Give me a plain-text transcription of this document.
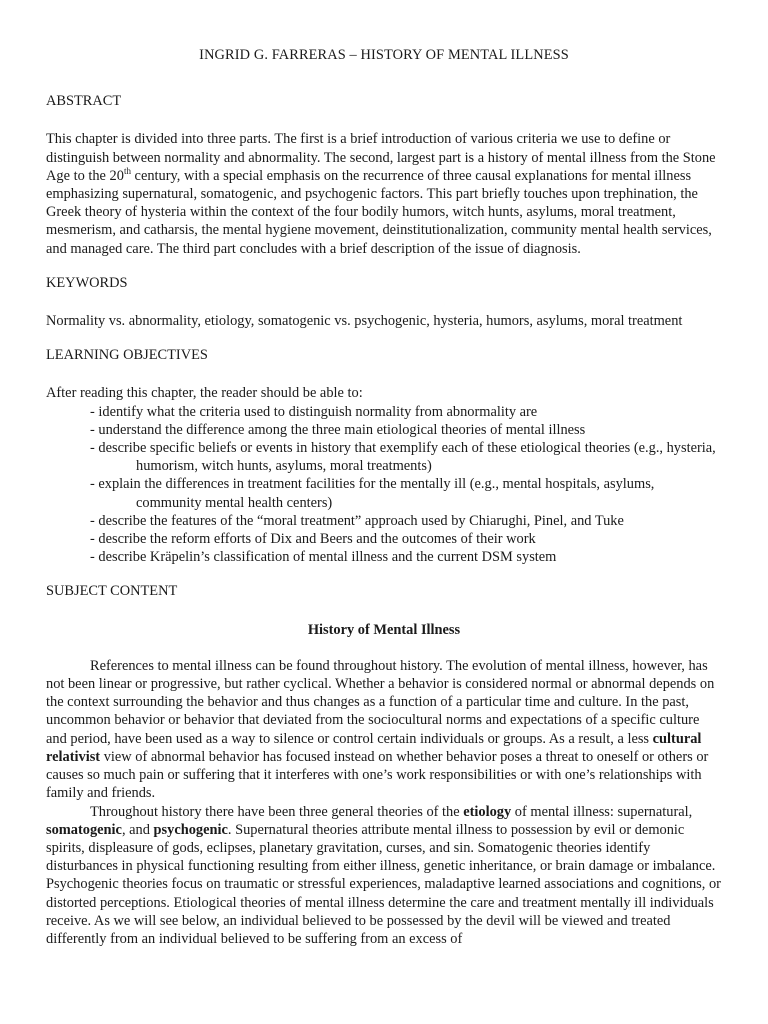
INGRID G. FARRERAS – HISTORY OF MENTAL ILLNESS
ABSTRACT

This chapter is divided into three parts. The first is a brief introduction of various criteria we use to define or distinguish between normality and abnormality. The second, largest part is a history of mental illness from the Stone Age to the 20th century, with a special emphasis on the recurrence of three causal explanations for mental illness emphasizing supernatural, somatogenic, and psychogenic factors. This part briefly touches upon trephination, the Greek theory of hysteria within the context of the four bodily humors, witch hunts, asylums, moral treatment, mesmerism, and catharsis, the mental hygiene movement, deinstitutionalization, community mental health services, and managed care. The third part concludes with a brief description of the issue of diagnosis.

KEYWORDS

Normality vs. abnormality, etiology, somatogenic vs. psychogenic, hysteria, humors, asylums, moral treatment

LEARNING OBJECTIVES

After reading this chapter, the reader should be able to:

- identify what the criteria used to distinguish normality from abnormality are
- understand the difference among the three main etiological theories of mental illness
- describe specific beliefs or events in history that exemplify each of these etiological theories (e.g., hysteria, humorism, witch hunts, asylums, moral treatments)
- explain the differences in treatment facilities for the mentally ill (e.g., mental hospitals, asylums, community mental health centers)
- describe the features of the “moral treatment” approach used by Chiarughi, Pinel, and Tuke
- describe the reform efforts of Dix and Beers and the outcomes of their work
- describe Kräpelin’s classification of mental illness and the current DSM system
SUBJECT CONTENT
History of Mental Illness

References to mental illness can be found throughout history. The evolution of mental illness, however, has not been linear or progressive, but rather cyclical. Whether a behavior is considered normal or abnormal depends on the context surrounding the behavior and thus changes as a function of a particular time and culture. In the past, uncommon behavior or behavior that deviated from the sociocultural norms and expectations of a specific culture and period, have been used as a way to silence or control certain individuals or groups. As a result, a less cultural relativist view of abnormal behavior has focused instead on whether behavior poses a threat to oneself or others or causes so much pain or suffering that it interferes with one’s work responsibilities or with one’s relationships with family and friends.

Throughout history there have been three general theories of the etiology of mental illness: supernatural, somatogenic, and psychogenic. Supernatural theories attribute mental illness to possession by evil or demonic spirits, displeasure of gods, eclipses, planetary gravitation, curses, and sin. Somatogenic theories identify disturbances in physical functioning resulting from either illness, genetic inheritance, or brain damage or imbalance. Psychogenic theories focus on traumatic or stressful experiences, maladaptive learned associations and cognitions, or distorted perceptions. Etiological theories of mental illness determine the care and treatment mentally ill individuals receive. As we will see below, an individual believed to be possessed by the devil will be viewed and treated differently from an individual believed to be suffering from an excess of
